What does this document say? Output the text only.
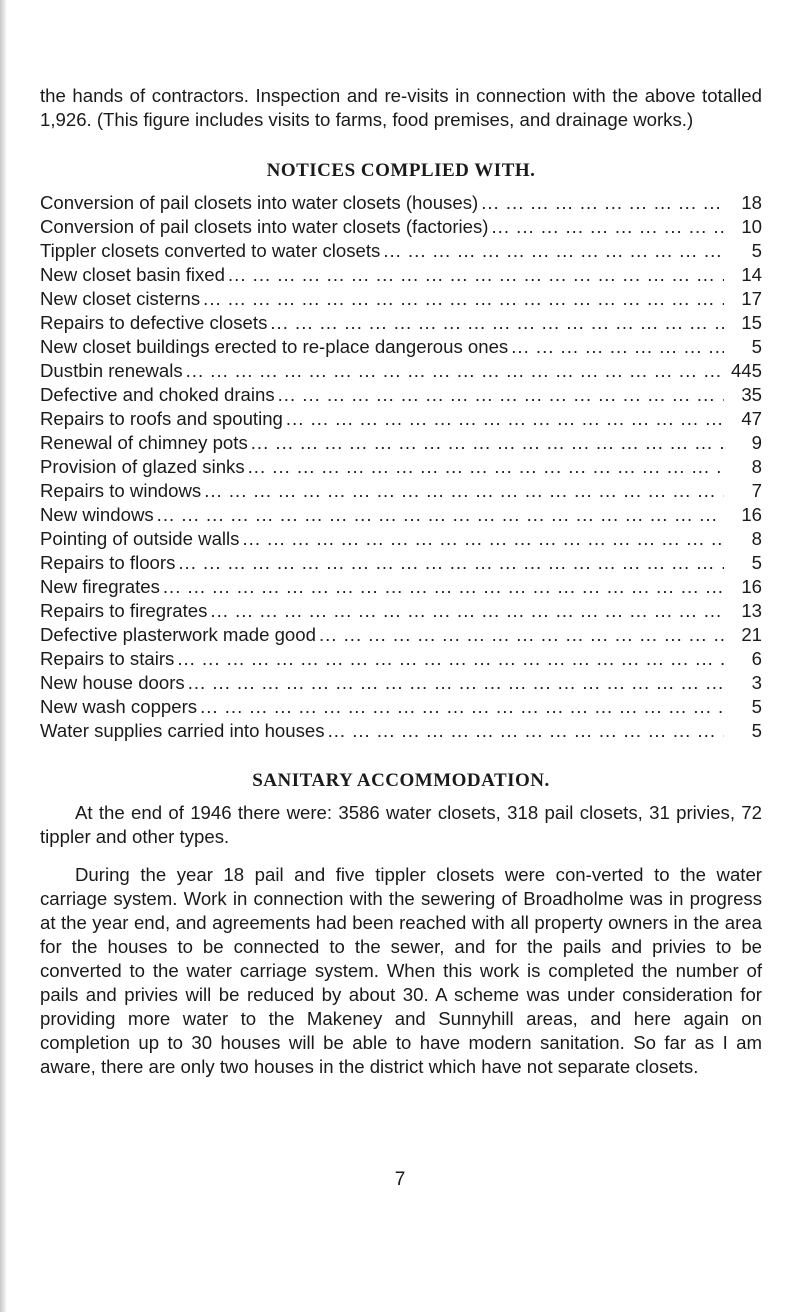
the hands of contractors. Inspection and re-visits in connection with the above totalled 1,926. (This figure includes visits to farms, food premises, and drainage works.)

NOTICES COMPLIED WITH.
Conversion of pail closets into water closets (houses) ... .	18
Conversion of pail closets into water closets (factories) ... .	10
Tippler closets converted to water closets ... .	5
New closet basin fixed ... .	14
New closet cisterns ... .	17
Repairs to defective closets ... .	15
New closet buildings erected to re-place dangerous ones ... .	5
Dustbin renewals ... .	445
Defective and choked drains ... .	35
Repairs to roofs and spouting ... .	47
Renewal of chimney pots ... .	9
Provision of glazed sinks ... .	8
Repairs to windows ... .	7
New windows ... .	16
Pointing of outside walls ... .	8
Repairs to floors ... .	5
New firegrates ... .	16
Repairs to firegrates ... .	13
Defective plasterwork made good ... .	21
Repairs to stairs ... .	6
New house doors ... .	3
New wash coppers ... .	5
Water supplies carried into houses ... .	5
SANITARY ACCOMMODATION.

At the end of 1946 there were: 3586 water closets, 318 pail closets, 31 privies, 72 tippler and other types.

During the year 18 pail and five tippler closets were con-verted to the water carriage system. Work in connection with the sewering of Broadholme was in progress at the year end, and agreements had been reached with all property owners in the area for the houses to be connected to the sewer, and for the pails and privies to be converted to the water carriage system. When this work is completed the number of pails and privies will be reduced by about 30. A scheme was under consideration for providing more water to the Makeney and Sunnyhill areas, and here again on completion up to 30 houses will be able to have modern sanitation. So far as I am aware, there are only two houses in the district which have not separate closets.

7
